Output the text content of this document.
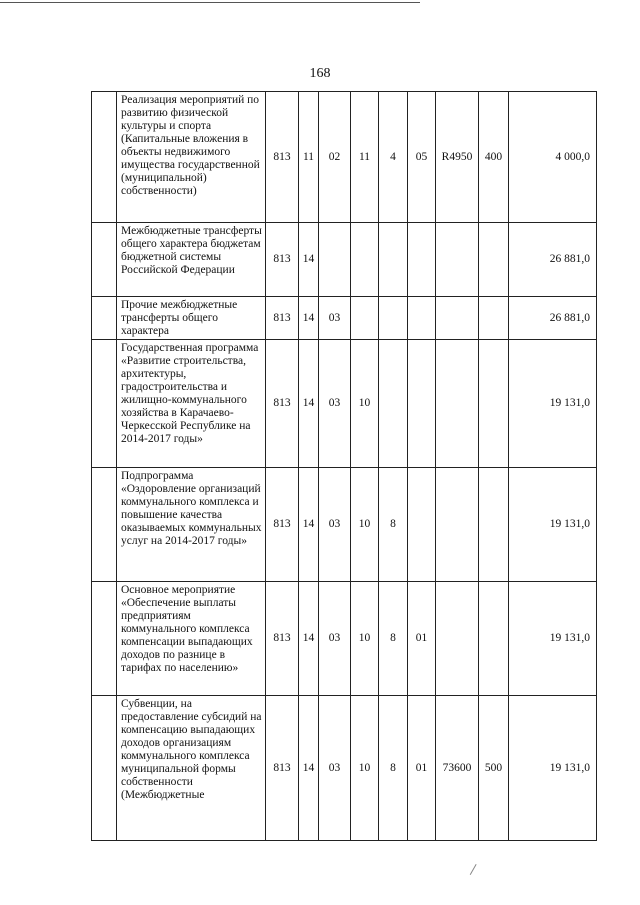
168
	Реализация мероприятий по развитию физической культуры и спорта (Капитальные вложения в объекты недвижимого имущества государственной (муниципальной) собственности)	813	11	02	11	4	05	R4950	400	4 000,0
	Межбюджетные трансферты общего характера бюджетам бюджетной системы Российской Федерации	813	14							26 881,0
	Прочие межбюджетные трансферты общего характера	813	14	03						26 881,0
	Государственная программа «Развитие строительства, архитектуры, градостроительства и жилищно-коммунального хозяйства в Карачаево-Черкесской Республике на 2014-2017 годы»	813	14	03	10					19 131,0
	Подпрограмма «Оздоровление организаций коммунального комплекса и повышение качества оказываемых коммунальных услуг на 2014-2017 годы»	813	14	03	10	8				19 131,0
	Основное мероприятие «Обеспечение выплаты предприятиям коммунального комплекса компенсации выпадающих доходов по разнице в тарифах по населению»	813	14	03	10	8	01			19 131,0
	Субвенции, на предоставление субсидий на компенсацию выпадающих доходов организациям коммунального комплекса муниципальной формы собственности (Межбюджетные	813	14	03	10	8	01	73600	500	19 131,0
